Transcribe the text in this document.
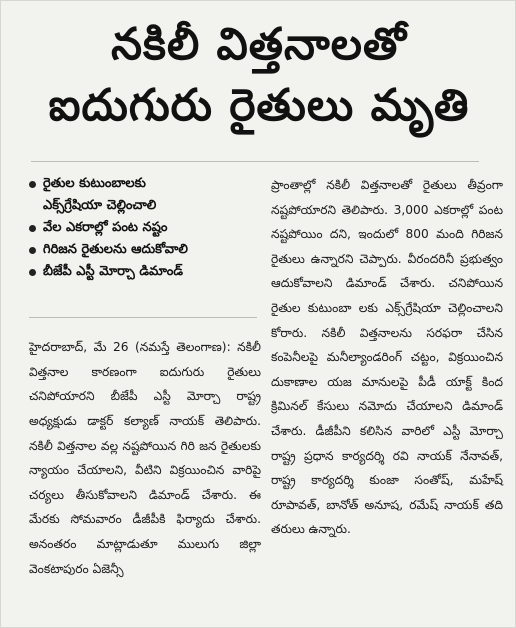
నకిలీ విత్తనాలతో
ఐదుగురు రైతులు మృతి
రైతుల కుటుంబాలకు
ఎక్స్‌గ్రేషియా చెల్లించాలి
వేల ఎకరాల్లో పంట నష్టం
గిరిజన రైతులను ఆదుకోవాలి
బీజేపీ ఎస్టీ మోర్చా డిమాండ్

హైదరాబాద్, మే 26 (నమస్తే తెలంగాణ): నకిలీ విత్తనాల కారణంగా ఐదుగురు రైతులు చనిపోయారని బీజేపీ ఎస్టీ మోర్చా రాష్ట్ర అధ్యక్షుడు డాక్టర్ కల్యాణ్ నాయక్ తెలిపారు. నకిలీ విత్తనాల వల్ల నష్టపోయిన గిరి జన రైతులకు న్యాయం చేయాలని, వీటిని విక్రయించిన వారిపై చర్యలు తీసుకోవాలని డిమాండ్ చేశారు. ఈ మేరకు సోమవారం డీజీపీకి ఫిర్యాదు చేశారు. అనంతరం మాట్లాడుతూ ములుగు జిల్లా వెంకటాపురం ఏజెన్సీ

ప్రాంతాల్లో నకిలీ విత్తనాలతో రైతులు తీవ్రంగా నష్టపోయారని తెలిపారు. 3,000 ఎకరాల్లో పంట నష్టపోయిం దని, ఇందులో 800 మంది గిరిజన రైతులు ఉన్నారని చెప్పారు. వీరందరినీ ప్రభుత్వం ఆదుకోవాలని డిమాండ్ చేశారు. చనిపోయిన రైతుల కుటుంబా లకు ఎక్స్‌గ్రేషియా చెల్లించాలని కోరారు. నకిలీ విత్తనాలను సరఫరా చేసిన కంపెనీలపై మనీల్యాండరింగ్ చట్టం, విక్రయించిన దుకాణాల యజ మానులపై పీడీ యాక్ట్ కింద క్రిమినల్ కేసులు నమోదు చేయాలని డిమాండ్ చేశారు. డీజీపీని కలిసిన వారిలో ఎస్టీ మోర్చా రాష్ట్ర ప్రధాన కార్యదర్శి రవి నాయక్ నేనావత్, రాష్ట్ర కార్యదర్శి కుంజా సంతోష్, మహేష్ రూపావత్, బానోత్ అనూష, రమేష్ నాయక్ తది తరులు ఉన్నారు.
